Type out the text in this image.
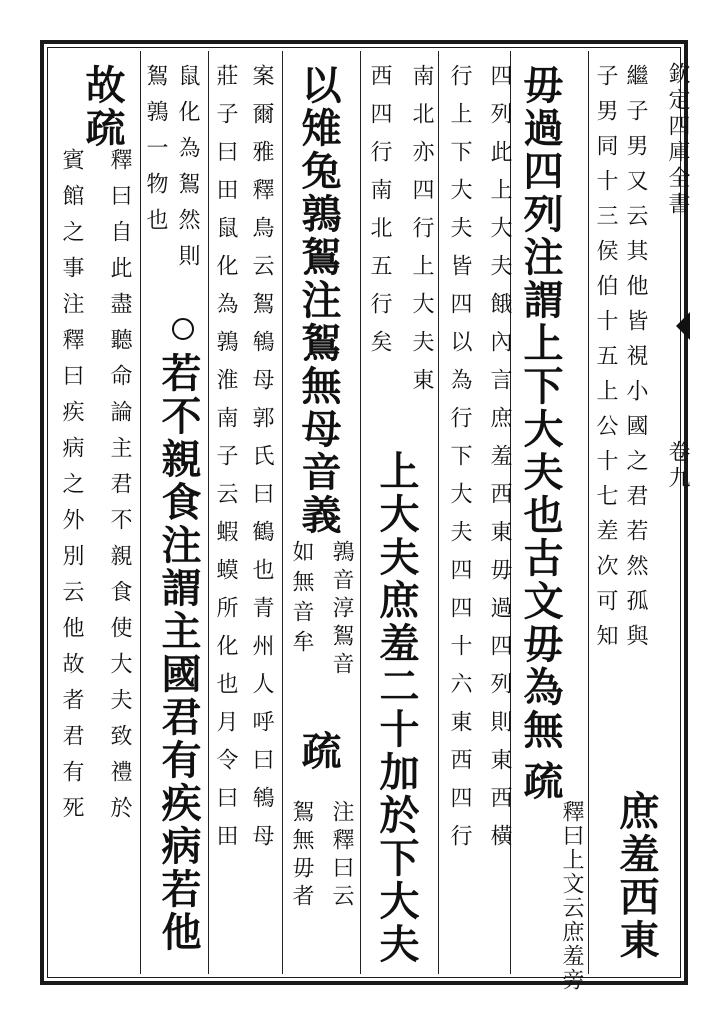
欽定四庫全書
卷九
子男同十三侯伯十五上公十七差次可知 繼子男又云其他皆視小國之君若然孤與
庶羞西東
毋過四列注謂上下大夫也古文毋為無
疏
釋曰上文云庶羞旁
四列此上大夫餓內言庶羞西東毋過四列則東西橫
行上下大夫皆四以為行下大夫四四十六東西四行
南北亦四行上大夫東
上大夫庶羞二十加於下大夫
西四行南北五行矣
以雉兔鶉鴽注鴽無母音義
鶉音淳鴽音
如無音牟
疏
注釋曰云
鴽無毋者
案爾雅釋鳥云鴽鴾母郭氏曰鶴也青州人呼曰鴾母
莊子曰田鼠化為鶉淮南子云蝦蟆所化也月令曰田
鼠化為鴽然則
若不親食注謂主國君有疾病若他
鴽鶉一物也
故疏
釋曰自此盡聽命論主君不親食使大夫致禮於
賓館之事注釋曰疾病之外別云他故者君有死
